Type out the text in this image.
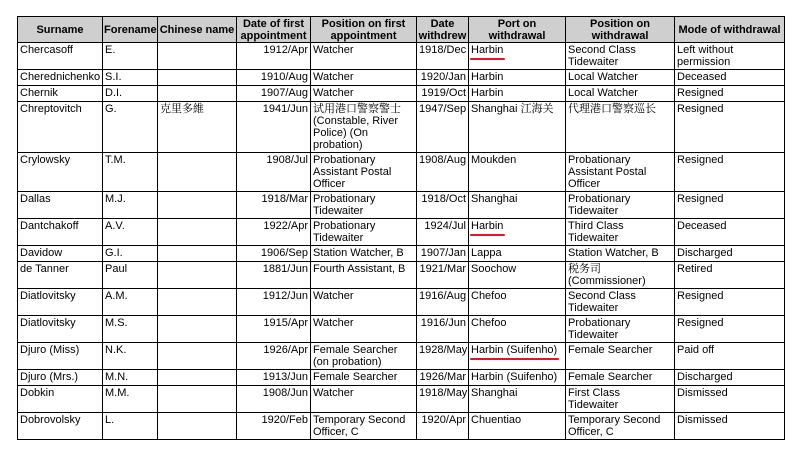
Surname	Forename	Chinese name	Date of first appointment	Position on first appointment	Date withdrew	Port on withdrawal	Position on withdrawal	Mode of withdrawal
Chercasoff	E.		1912/Apr	Watcher	1918/Dec	Harbin	Second Class Tidewaiter	Left without permission
Cherednichenko	S.I.		1910/Aug	Watcher	1920/Jan	Harbin	Local Watcher	Deceased
Chernik	D.I.		1907/Aug	Watcher	1919/Oct	Harbin	Local Watcher	Resigned
Chreptovitch	G.	克里多維	1941/Jun	试用港口警察警士 (Constable, River Police) (On probation)	1947/Sep	Shanghai 江海关	代理港口警察巡长	Resigned
Crylowsky	T.M.		1908/Jul	Probationary Assistant Postal Officer	1908/Aug	Moukden	Probationary Assistant Postal Officer	Resigned
Dallas	M.J.		1918/Mar	Probationary Tidewaiter	1918/Oct	Shanghai	Probationary Tidewaiter	Resigned
Dantchakoff	A.V.		1922/Apr	Probationary Tidewaiter	1924/Jul	Harbin	Third Class Tidewaiter	Deceased
Davidow	G.I.		1906/Sep	Station Watcher, B	1907/Jan	Lappa	Station Watcher, B	Discharged
de Tanner	Paul		1881/Jun	Fourth Assistant, B	1921/Mar	Soochow	税务司 (Commissioner)	Retired
Diatlovitsky	A.M.		1912/Jun	Watcher	1916/Aug	Chefoo	Second Class Tidewaiter	Resigned
Diatlovitsky	M.S.		1915/Apr	Watcher	1916/Jun	Chefoo	Probationary Tidewaiter	Resigned
Djuro (Miss)	N.K.		1926/Apr	Female Searcher (on probation)	1928/May	Harbin (Suifenho)	Female Searcher	Paid off
Djuro (Mrs.)	M.N.		1913/Jun	Female Searcher	1926/Mar	Harbin (Suifenho)	Female Searcher	Discharged
Dobkin	M.M.		1908/Jun	Watcher	1918/May	Shanghai	First Class Tidewaiter	Dismissed
Dobrovolsky	L.		1920/Feb	Temporary Second Officer, C	1920/Apr	Chuentiao	Temporary Second Officer, C	Dismissed
